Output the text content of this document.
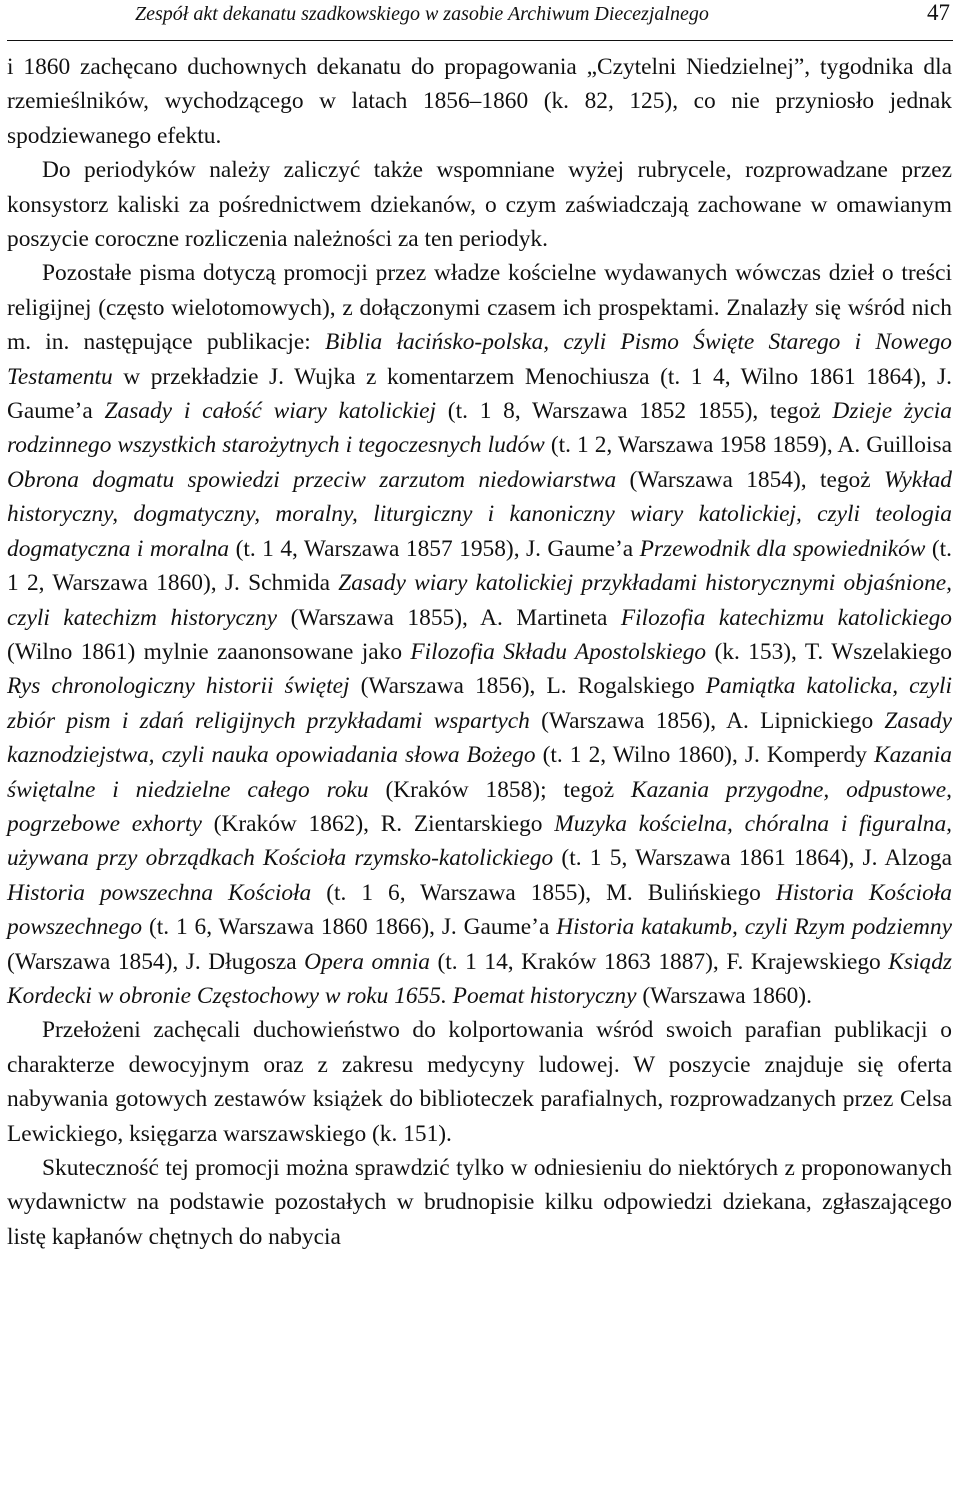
Zespół akt dekanatu szadkowskiego w zasobie Archiwum Diecezjalnego	47

i 1860 zachęcano duchownych dekanatu do propagowania „Czytelni Niedzielnej”, tygodnika dla rzemieślników, wychodzącego w latach 1856–1860 (k. 82, 125), co nie przyniosło jednak spodziewanego efektu.

Do periodyków należy zaliczyć także wspomniane wyżej rubrycele, rozprowadzane przez konsystorz kaliski za pośrednictwem dziekanów, o czym zaświadczają zachowane w omawianym poszycie coroczne rozliczenia należności za ten periodyk.

Pozostałe pisma dotyczą promocji przez władze kościelne wydawanych wówczas dzieł o treści religijnej (często wielotomowych), z dołączonymi czasem ich prospektami. Znalazły się wśród nich m. in. następujące publikacje: Biblia łacińsko-polska, czyli Pismo Święte Starego i Nowego Testamentu w przekładzie J. Wujka z komentarzem Menochiusza (t. 1 4, Wilno 1861 1864), J. Gaume’a Zasady i całość wiary katolickiej (t. 1 8, Warszawa 1852 1855), tegoż Dzieje życia rodzinnego wszystkich starożytnych i tegoczesnych ludów (t. 1 2, Warszawa 1958 1859), A. Guilloisa Obrona dogmatu spowiedzi przeciw zarzutom niedowiarstwa (Warszawa 1854), tegoż Wykład historyczny, dogmatyczny, moralny, liturgiczny i kanoniczny wiary katolickiej, czyli teologia dogmatyczna i moralna (t. 1 4, Warszawa 1857 1958), J. Gaume’a Przewodnik dla spowiedników (t. 1 2, Warszawa 1860), J. Schmida Zasady wiary katolickiej przykładami historycznymi objaśnione, czyli katechizm historyczny (Warszawa 1855), A. Martineta Filozofia katechizmu katolickiego (Wilno 1861) mylnie zaanonsowane jako Filozofia Składu Apostolskiego (k. 153), T. Wszelakiego Rys chronologiczny historii świętej (Warszawa 1856), L. Rogalskiego Pamiątka katolicka, czyli zbiór pism i zdań religijnych przykładami wspartych (Warszawa 1856), A. Lipnickiego Zasady kaznodziejstwa, czyli nauka opowiadania słowa Bożego (t. 1 2, Wilno 1860), J. Komperdy Kazania świętalne i niedzielne całego roku (Kraków 1858); tegoż Kazania przygodne, odpustowe, pogrzebowe exhorty (Kraków 1862), R. Zientarskiego Muzyka kościelna, chóralna i figuralna, używana przy obrządkach Kościoła rzymsko-katolickiego (t. 1 5, Warszawa 1861 1864), J. Alzoga Historia powszechna Kościoła (t. 1 6, Warszawa 1855), M. Bulińskiego Historia Kościoła powszechnego (t. 1 6, Warszawa 1860 1866), J. Gaume’a Historia katakumb, czyli Rzym podziemny (Warszawa 1854), J. Długosza Opera omnia (t. 1 14, Kraków 1863 1887), F. Krajewskiego Ksiądz Kordecki w obronie Częstochowy w roku 1655. Poemat historyczny (Warszawa 1860).

Przełożeni zachęcali duchowieństwo do kolportowania wśród swoich parafian publikacji o charakterze dewocyjnym oraz z zakresu medycyny ludowej. W poszycie znajduje się oferta nabywania gotowych zestawów książek do biblioteczek parafialnych, rozprowadzanych przez Celsa Lewickiego, księgarza warszawskiego (k. 151).

Skuteczność tej promocji można sprawdzić tylko w odniesieniu do niektórych z proponowanych wydawnictw na podstawie pozostałych w brudnopisie kilku odpowiedzi dziekana, zgłaszającego listę kapłanów chętnych do nabycia
